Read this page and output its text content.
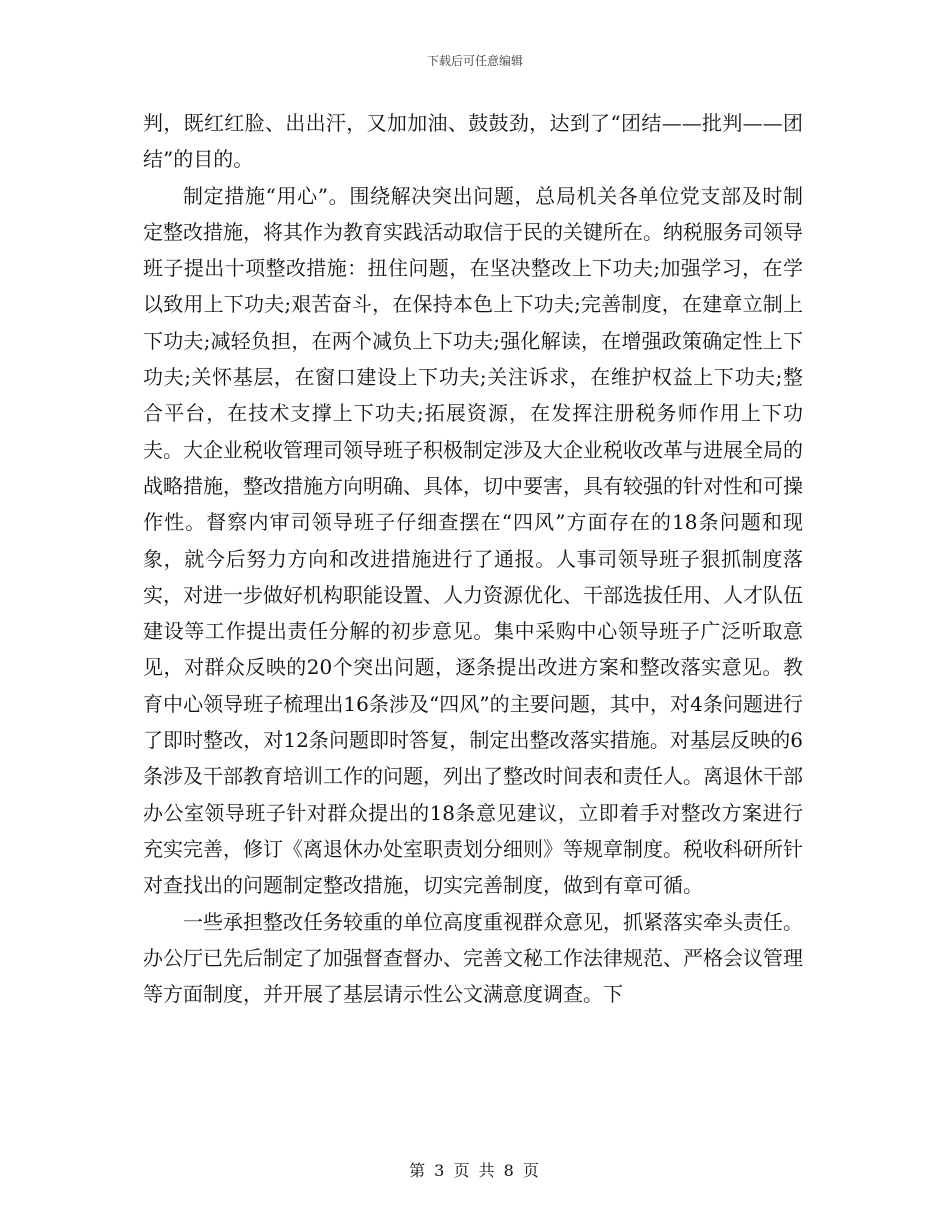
下载后可任意编辑

判，既红红脸、出出汗，又加加油、鼓鼓劲，达到了“团结——批判——团结”的目的。

制定措施“用心”。围绕解决突出问题，总局机关各单位党支部及时制定整改措施，将其作为教育实践活动取信于民的关键所在。纳税服务司领导班子提出十项整改措施：扭住问题，在坚决整改上下功夫;加强学习，在学以致用上下功夫;艰苦奋斗，在保持本色上下功夫;完善制度，在建章立制上下功夫;减轻负担，在两个减负上下功夫;强化解读，在增强政策确定性上下功夫;关怀基层，在窗口建设上下功夫;关注诉求，在维护权益上下功夫;整合平台，在技术支撑上下功夫;拓展资源，在发挥注册税务师作用上下功夫。大企业税收管理司领导班子积极制定涉及大企业税收改革与进展全局的战略措施，整改措施方向明确、具体，切中要害，具有较强的针对性和可操作性。督察内审司领导班子仔细查摆在“四风”方面存在的18条问题和现象，就今后努力方向和改进措施进行了通报。人事司领导班子狠抓制度落实，对进一步做好机构职能设置、人力资源优化、干部选拔任用、人才队伍建设等工作提出责任分解的初步意见。集中采购中心领导班子广泛听取意见，对群众反映的20个突出问题，逐条提出改进方案和整改落实意见。教育中心领导班子梳理出16条涉及“四风”的主要问题，其中，对4条问题进行了即时整改，对12条问题即时答复，制定出整改落实措施。对基层反映的6条涉及干部教育培训工作的问题，列出了整改时间表和责任人。离退休干部办公室领导班子针对群众提出的18条意见建议，立即着手对整改方案进行充实完善，修订《离退休办处室职责划分细则》等规章制度。税收科研所针对查找出的问题制定整改措施，切实完善制度，做到有章可循。

一些承担整改任务较重的单位高度重视群众意见，抓紧落实牵头责任。办公厅已先后制定了加强督查督办、完善文秘工作法律规范、严格会议管理等方面制度，并开展了基层请示性公文满意度调查。下

第 3 页 共 8 页
